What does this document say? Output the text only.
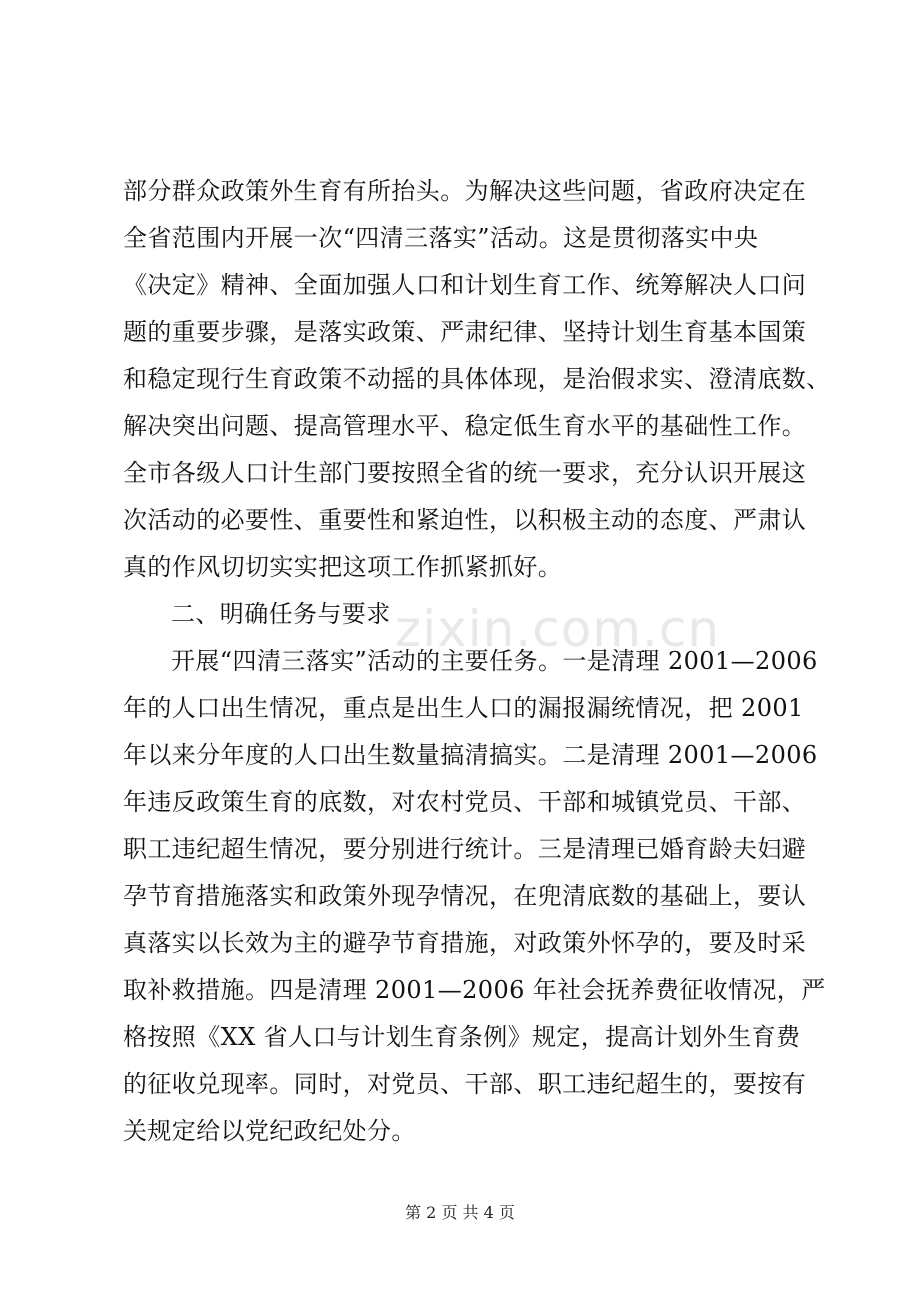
zixin.com.cn
部分群众政策外生育有所抬头。为解决这些问题，省政府决定在
全省范围内开展一次“四清三落实”活动。这是贯彻落实中央
《决定》精神、全面加强人口和计划生育工作、统筹解决人口问
题的重要步骤，是落实政策、严肃纪律、坚持计划生育基本国策
和稳定现行生育政策不动摇的具体体现，是治假求实、澄清底数、
解决突出问题、提高管理水平、稳定低生育水平的基础性工作。
全市各级人口计生部门要按照全省的统一要求，充分认识开展这
次活动的必要性、重要性和紧迫性，以积极主动的态度、严肃认
真的作风切切实实把这项工作抓紧抓好。
二、明确任务与要求
开展“四清三落实”活动的主要任务。一是清理 2001—2006
年的人口出生情况，重点是出生人口的漏报漏统情况，把 2001
年以来分年度的人口出生数量搞清搞实。二是清理 2001—2006
年违反政策生育的底数，对农村党员、干部和城镇党员、干部、
职工违纪超生情况，要分别进行统计。三是清理已婚育龄夫妇避
孕节育措施落实和政策外现孕情况，在兜清底数的基础上，要认
真落实以长效为主的避孕节育措施，对政策外怀孕的，要及时采
取补救措施。四是清理 2001—2006 年社会抚养费征收情况，严
格按照《XX 省人口与计划生育条例》规定，提高计划外生育费
的征收兑现率。同时，对党员、干部、职工违纪超生的，要按有
关规定给以党纪政纪处分。
第 2 页 共 4 页
